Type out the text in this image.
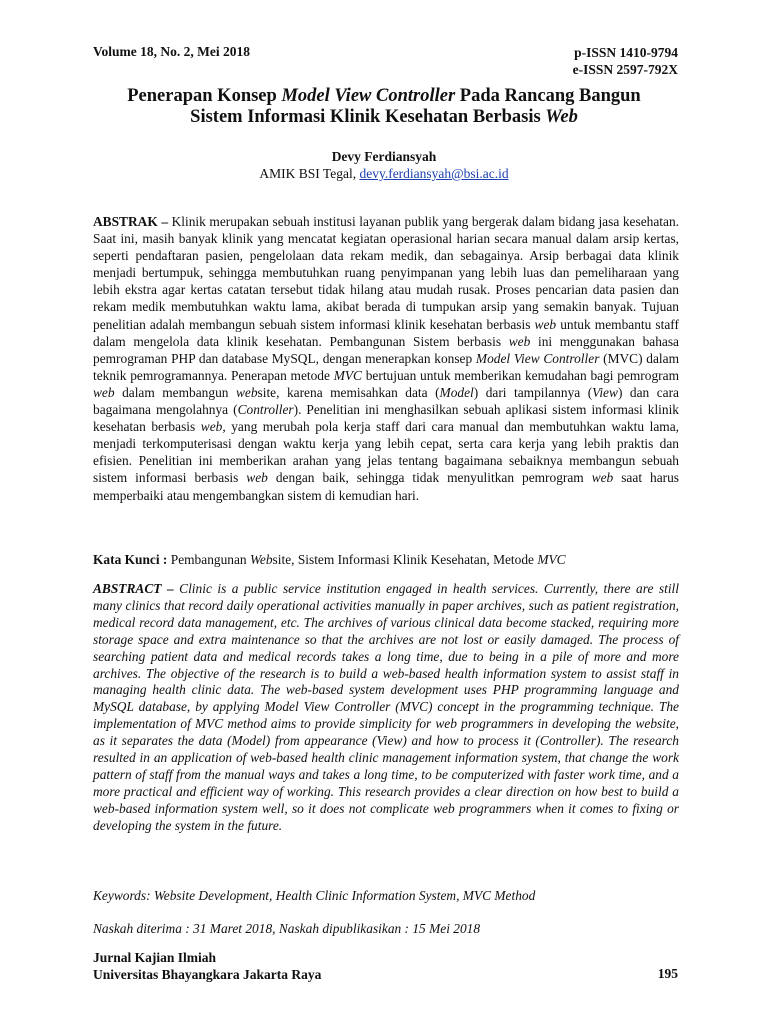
Volume 18, No. 2, Mei 2018	p-ISSN 1410-9794
e-ISSN 2597-792X
Penerapan Konsep Model View Controller Pada Rancang Bangun
Sistem Informasi Klinik Kesehatan Berbasis Web
Devy Ferdiansyah
AMIK BSI Tegal, devy.ferdiansyah@bsi.ac.id
ABSTRAK – Klinik merupakan sebuah institusi layanan publik yang bergerak dalam bidang jasa kesehatan. Saat ini, masih banyak klinik yang mencatat kegiatan operasional harian secara manual dalam arsip kertas, seperti pendaftaran pasien, pengelolaan data rekam medik, dan sebagainya. Arsip berbagai data klinik menjadi bertumpuk, sehingga membutuhkan ruang penyimpanan yang lebih luas dan pemeliharaan yang lebih ekstra agar kertas catatan tersebut tidak hilang atau mudah rusak. Proses pencarian data pasien dan rekam medik membutuhkan waktu lama, akibat berada di tumpukan arsip yang semakin banyak. Tujuan penelitian adalah membangun sebuah sistem informasi klinik kesehatan berbasis web untuk membantu staff dalam mengelola data klinik kesehatan. Pembangunan Sistem berbasis web ini menggunakan bahasa pemrograman PHP dan database MySQL, dengan menerapkan konsep Model View Controller (MVC) dalam teknik pemrogramannya. Penerapan metode MVC bertujuan untuk memberikan kemudahan bagi pemrogram web dalam membangun website, karena memisahkan data (Model) dari tampilannya (View) dan cara bagaimana mengolahnya (Controller). Penelitian ini menghasilkan sebuah aplikasi sistem informasi klinik kesehatan berbasis web, yang merubah pola kerja staff dari cara manual dan membutuhkan waktu lama, menjadi terkomputerisasi dengan waktu kerja yang lebih cepat, serta cara kerja yang lebih praktis dan efisien. Penelitian ini memberikan arahan yang jelas tentang bagaimana sebaiknya membangun sebuah sistem informasi berbasis web dengan baik, sehingga tidak menyulitkan pemrogram web saat harus memperbaiki atau mengembangkan sistem di kemudian hari.
Kata Kunci : Pembangunan Website, Sistem Informasi Klinik Kesehatan, Metode MVC
ABSTRACT – Clinic is a public service institution engaged in health services. Currently, there are still many clinics that record daily operational activities manually in paper archives, such as patient registration, medical record data management, etc. The archives of various clinical data become stacked, requiring more storage space and extra maintenance so that the archives are not lost or easily damaged. The process of searching patient data and medical records takes a long time, due to being in a pile of more and more archives. The objective of the research is to build a web-based health information system to assist staff in managing health clinic data. The web-based system development uses PHP programming language and MySQL database, by applying Model View Controller (MVC) concept in the programming technique. The implementation of MVC method aims to provide simplicity for web programmers in developing the website, as it separates the data (Model) from appearance (View) and how to process it (Controller). The research resulted in an application of web-based health clinic management information system, that change the work pattern of staff from the manual ways and takes a long time, to be computerized with faster work time, and a more practical and efficient way of working. This research provides a clear direction on how best to build a web-based information system well, so it does not complicate web programmers when it comes to fixing or developing the system in the future.
Keywords: Website Development, Health Clinic Information System, MVC Method
Naskah diterima : 31 Maret 2018, Naskah dipublikasikan : 15 Mei 2018
Jurnal Kajian Ilmiah
Universitas Bhayangkara Jakarta Raya	195
